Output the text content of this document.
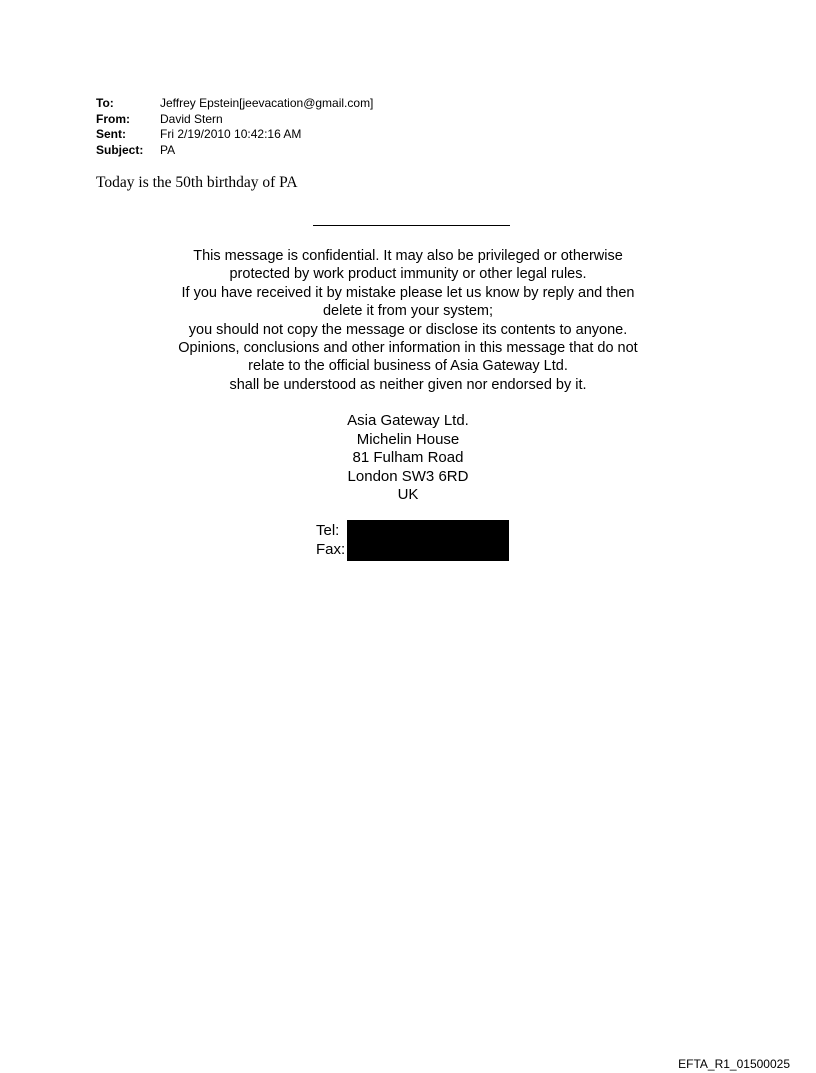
To:	Jeffrey Epstein[jeevacation@gmail.com]
From:	David Stern
Sent:	Fri 2/19/2010 10:42:16 AM
Subject:	PA
Today is the 50th birthday of PA
This message is confidential. It may also be privileged or otherwise
protected by work product immunity or other legal rules.
If you have received it by mistake please let us know by reply and then
delete it from your system;
you should not copy the message or disclose its contents to anyone.
Opinions, conclusions and other information in this message that do not
relate to the official business of Asia Gateway Ltd.
shall be understood as neither given nor endorsed by it.
Asia Gateway Ltd.
Michelin House
81 Fulham Road
London SW3 6RD
UK
Tel:
Fax:
EFTA_R1_01500025
